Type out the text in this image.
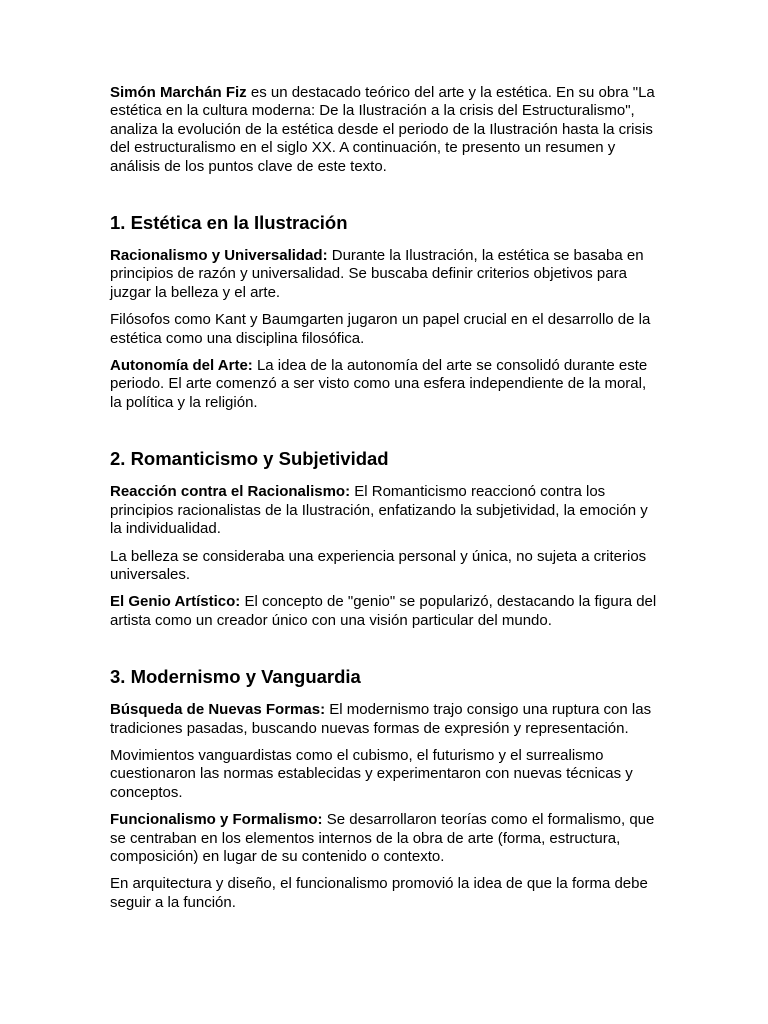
Simón Marchán Fiz es un destacado teórico del arte y la estética. En su obra "La estética en la cultura moderna: De la Ilustración a la crisis del Estructuralismo", analiza la evolución de la estética desde el periodo de la Ilustración hasta la crisis del estructuralismo en el siglo XX. A continuación, te presento un resumen y análisis de los puntos clave de este texto.

1. Estética en la Ilustración

Racionalismo y Universalidad: Durante la Ilustración, la estética se basaba en principios de razón y universalidad. Se buscaba definir criterios objetivos para juzgar la belleza y el arte.

Filósofos como Kant y Baumgarten jugaron un papel crucial en el desarrollo de la estética como una disciplina filosófica.

Autonomía del Arte: La idea de la autonomía del arte se consolidó durante este periodo. El arte comenzó a ser visto como una esfera independiente de la moral, la política y la religión.

2. Romanticismo y Subjetividad

Reacción contra el Racionalismo: El Romanticismo reaccionó contra los principios racionalistas de la Ilustración, enfatizando la subjetividad, la emoción y la individualidad.

La belleza se consideraba una experiencia personal y única, no sujeta a criterios universales.

El Genio Artístico: El concepto de "genio" se popularizó, destacando la figura del artista como un creador único con una visión particular del mundo.

3. Modernismo y Vanguardia

Búsqueda de Nuevas Formas: El modernismo trajo consigo una ruptura con las tradiciones pasadas, buscando nuevas formas de expresión y representación.

Movimientos vanguardistas como el cubismo, el futurismo y el surrealismo cuestionaron las normas establecidas y experimentaron con nuevas técnicas y conceptos.

Funcionalismo y Formalismo: Se desarrollaron teorías como el formalismo, que se centraban en los elementos internos de la obra de arte (forma, estructura, composición) en lugar de su contenido o contexto.

En arquitectura y diseño, el funcionalismo promovió la idea de que la forma debe seguir a la función.
